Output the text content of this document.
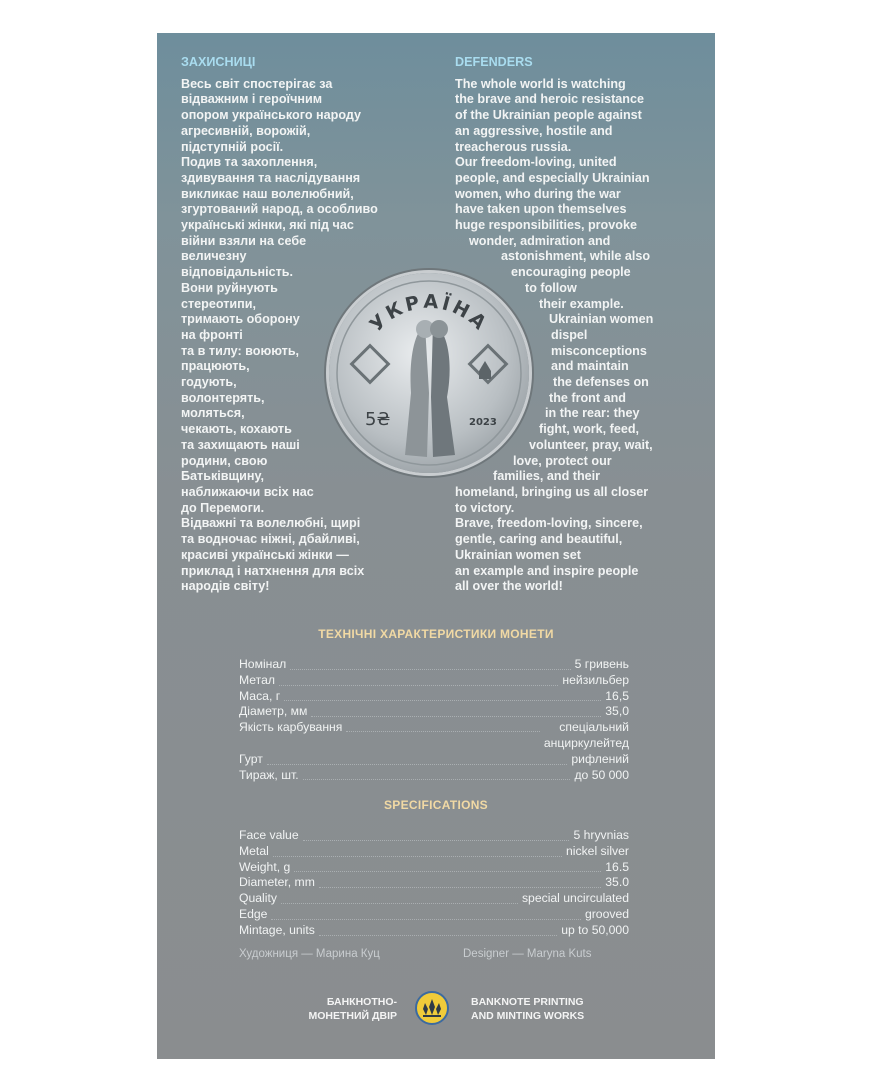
ЗАХИСНИЦІ
Весь світ спостерігає за
відважним і героїчним
опором українського народу
агресивній, ворожій,
підступній росії.
Подив та захоплення,
здивування та наслідування
викликає наш волелюбний,
згуртований народ, а особливо
українські жінки, які під час
війни взяли на себе
величезну
відповідальність.
Вони руйнують
стереотипи,
тримають оборону
на фронті
та в тилу: воюють,
працюють,
годують,
волонтерять,
моляться,
чекають, кохають
та захищають наші
родини, свою
Батьківщину,
наближаючи всіх нас
до Перемоги.
Відважні та волелюбні, щирі
та водночас ніжні, дбайливі,
красиві українські жінки —
приклад і натхнення для всіх
народів світу!
DEFENDERS
The whole world is watching
the brave and heroic resistance
of the Ukrainian people against
an aggressive, hostile and
treacherous russia.
Our freedom-loving, united
people, and especially Ukrainian
women, who during the war
have taken upon themselves
huge responsibilities, provoke
wonder, admiration and
astonishment, while also
encouraging people
to follow
their example.
Ukrainian women
dispel
misconceptions
and maintain
the defenses on
the front and
in the rear: they
fight, work, feed,
volunteer, pray, wait,
love, protect our
families, and their
homeland, bringing us all closer
to victory.
Brave, freedom-loving, sincere,
gentle, caring and beautiful,
Ukrainian women set
an example and inspire people
all over the world!
УКРАЇНА
5₴	2023
ТЕХНІЧНІ ХАРАКТЕРИСТИКИ МОНЕТИ
Номінал	5 гривень
Метал	нейзильбер
Маса, г	16,5
Діаметр, мм	35,0
Якість карбування	спеціальний
анциркулейтед
Гурт	рифлений
Тираж, шт.	до 50 000
SPECIFICATIONS
Face value	5 hryvnias
Metal	nickel silver
Weight, g	16.5
Diameter, mm	35.0
Quality	special uncirculated
Edge	grooved
Mintage, units	up to 50,000
Художниця — Марина Куц	Designer — Maryna Kuts
БАНКНОТНО-
МОНЕТНИЙ ДВІР
BANKNOTE PRINTING
AND MINTING WORKS
